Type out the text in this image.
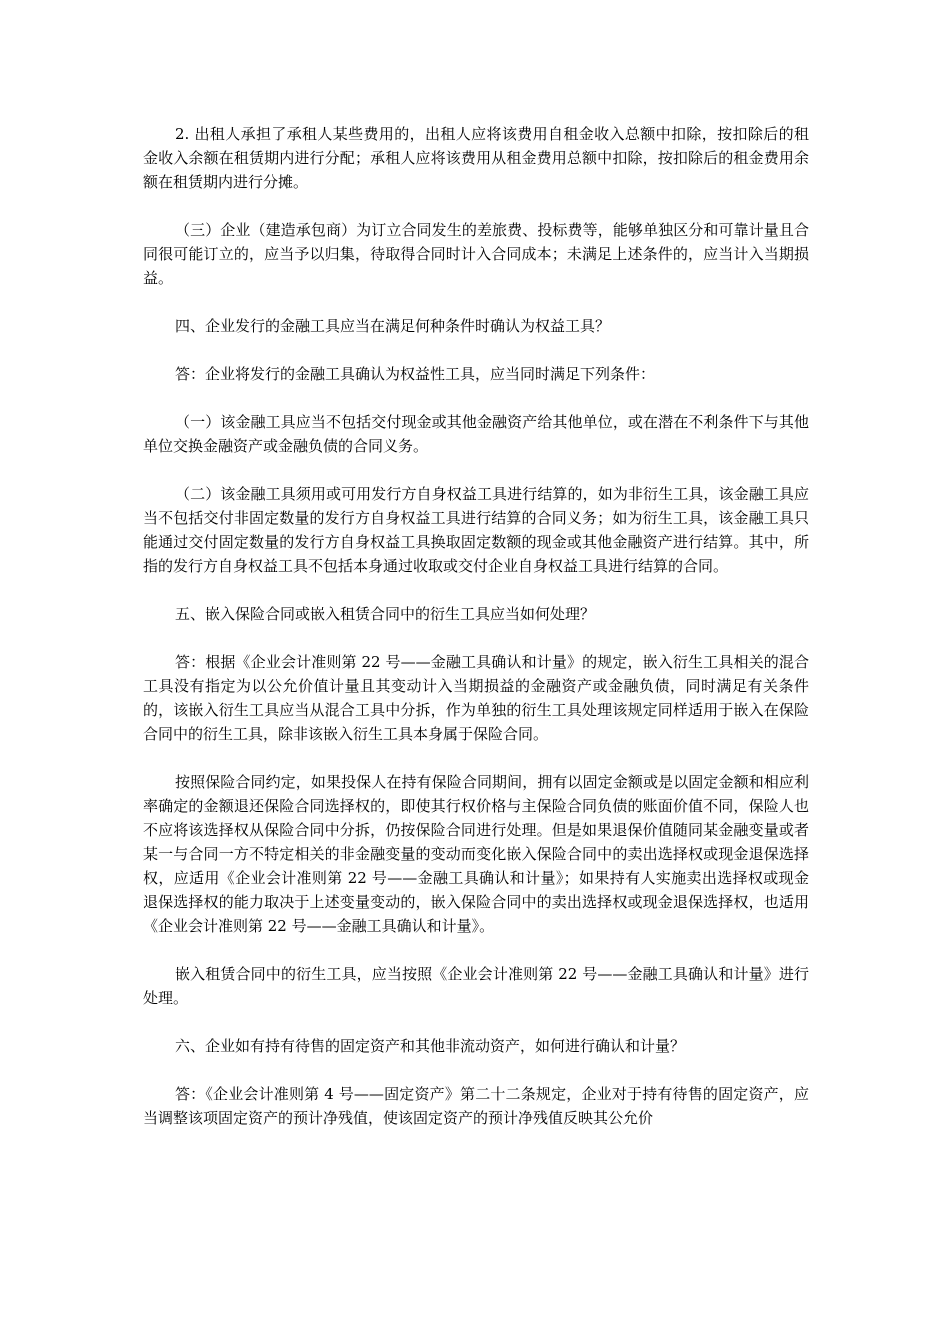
2. 出租人承担了承租人某些费用的，出租人应将该费用自租金收入总额中扣除，按扣除后的租金收入余额在租赁期内进行分配；承租人应将该费用从租金费用总额中扣除，按扣除后的租金费用余额在租赁期内进行分摊。

（三）企业（建造承包商）为订立合同发生的差旅费、投标费等，能够单独区分和可靠计量且合同很可能订立的，应当予以归集，待取得合同时计入合同成本；未满足上述条件的，应当计入当期损益。

四、企业发行的金融工具应当在满足何种条件时确认为权益工具？

答：企业将发行的金融工具确认为权益性工具，应当同时满足下列条件：

（一）该金融工具应当不包括交付现金或其他金融资产给其他单位，或在潜在不利条件下与其他单位交换金融资产或金融负债的合同义务。

（二）该金融工具须用或可用发行方自身权益工具进行结算的，如为非衍生工具，该金融工具应当不包括交付非固定数量的发行方自身权益工具进行结算的合同义务；如为衍生工具，该金融工具只能通过交付固定数量的发行方自身权益工具换取固定数额的现金或其他金融资产进行结算。其中，所指的发行方自身权益工具不包括本身通过收取或交付企业自身权益工具进行结算的合同。

五、嵌入保险合同或嵌入租赁合同中的衍生工具应当如何处理？

答：根据《企业会计准则第 22 号——金融工具确认和计量》的规定，嵌入衍生工具相关的混合工具没有指定为以公允价值计量且其变动计入当期损益的金融资产或金融负债，同时满足有关条件的，该嵌入衍生工具应当从混合工具中分拆，作为单独的衍生工具处理该规定同样适用于嵌入在保险合同中的衍生工具，除非该嵌入衍生工具本身属于保险合同。

按照保险合同约定，如果投保人在持有保险合同期间，拥有以固定金额或是以固定金额和相应利率确定的金额退还保险合同选择权的，即使其行权价格与主保险合同负债的账面价值不同，保险人也不应将该选择权从保险合同中分拆，仍按保险合同进行处理。但是如果退保价值随同某金融变量或者某一与合同一方不特定相关的非金融变量的变动而变化嵌入保险合同中的卖出选择权或现金退保选择权，应适用《企业会计准则第 22 号——金融工具确认和计量》；如果持有人实施卖出选择权或现金退保选择权的能力取决于上述变量变动的，嵌入保险合同中的卖出选择权或现金退保选择权，也适用《企业会计准则第 22 号——金融工具确认和计量》。

嵌入租赁合同中的衍生工具，应当按照《企业会计准则第 22 号——金融工具确认和计量》进行处理。

六、企业如有持有待售的固定资产和其他非流动资产，如何进行确认和计量？

答：《企业会计准则第 4 号——固定资产》第二十二条规定，企业对于持有待售的固定资产，应当调整该项固定资产的预计净残值，使该固定资产的预计净残值反映其公允价
